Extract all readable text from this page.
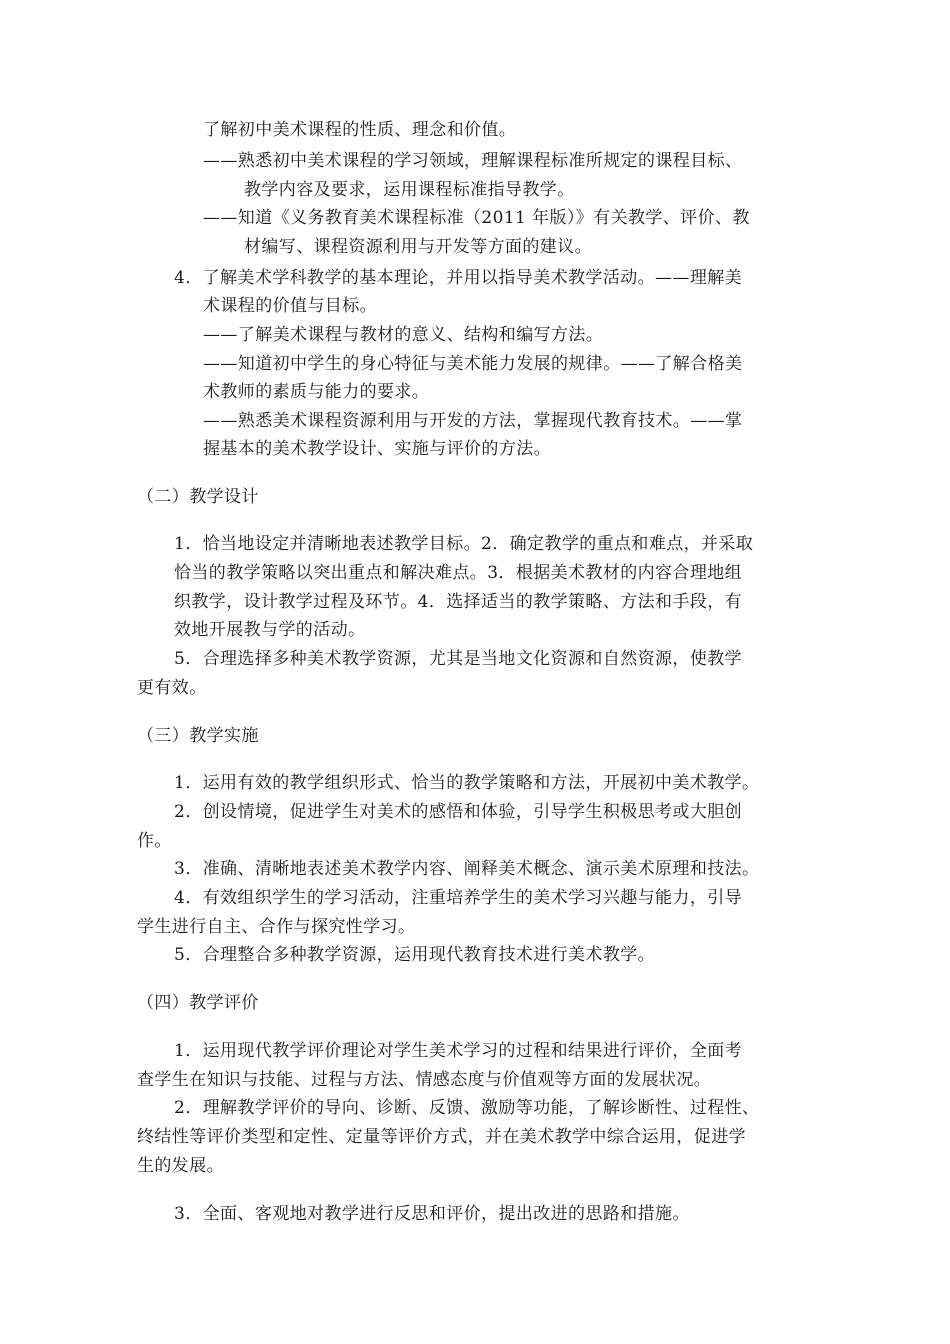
了解初中美术课程的性质、理念和价值。
——熟悉初中美术课程的学习领域，理解课程标准所规定的课程目标、
教学内容及要求，运用课程标准指导教学。
——知道《义务教育美术课程标准（2011 年版）》有关教学、评价、教
材编写、课程资源利用与开发等方面的建议。
4．了解美术学科教学的基本理论，并用以指导美术教学活动。——理解美
术课程的价值与目标。
——了解美术课程与教材的意义、结构和编写方法。
——知道初中学生的身心特征与美术能力发展的规律。——了解合格美
术教师的素质与能力的要求。
——熟悉美术课程资源利用与开发的方法，掌握现代教育技术。——掌
握基本的美术教学设计、实施与评价的方法。
（二）教学设计
1．恰当地设定并清晰地表述教学目标。2．确定教学的重点和难点，并采取
恰当的教学策略以突出重点和解决难点。3．根据美术教材的内容合理地组
织教学，设计教学过程及环节。4．选择适当的教学策略、方法和手段，有
效地开展教与学的活动。
5．合理选择多种美术教学资源，尤其是当地文化资源和自然资源，使教学
更有效。
（三）教学实施
1．运用有效的教学组织形式、恰当的教学策略和方法，开展初中美术教学。
2．创设情境，促进学生对美术的感悟和体验，引导学生积极思考或大胆创
作。
3．准确、清晰地表述美术教学内容、阐释美术概念、演示美术原理和技法。
4．有效组织学生的学习活动，注重培养学生的美术学习兴趣与能力，引导
学生进行自主、合作与探究性学习。
5．合理整合多种教学资源，运用现代教育技术进行美术教学。
（四）教学评价
1．运用现代教学评价理论对学生美术学习的过程和结果进行评价，全面考
查学生在知识与技能、过程与方法、情感态度与价值观等方面的发展状况。
2．理解教学评价的导向、诊断、反馈、激励等功能，了解诊断性、过程性、
终结性等评价类型和定性、定量等评价方式，并在美术教学中综合运用，促进学
生的发展。
3．全面、客观地对教学进行反思和评价，提出改进的思路和措施。
